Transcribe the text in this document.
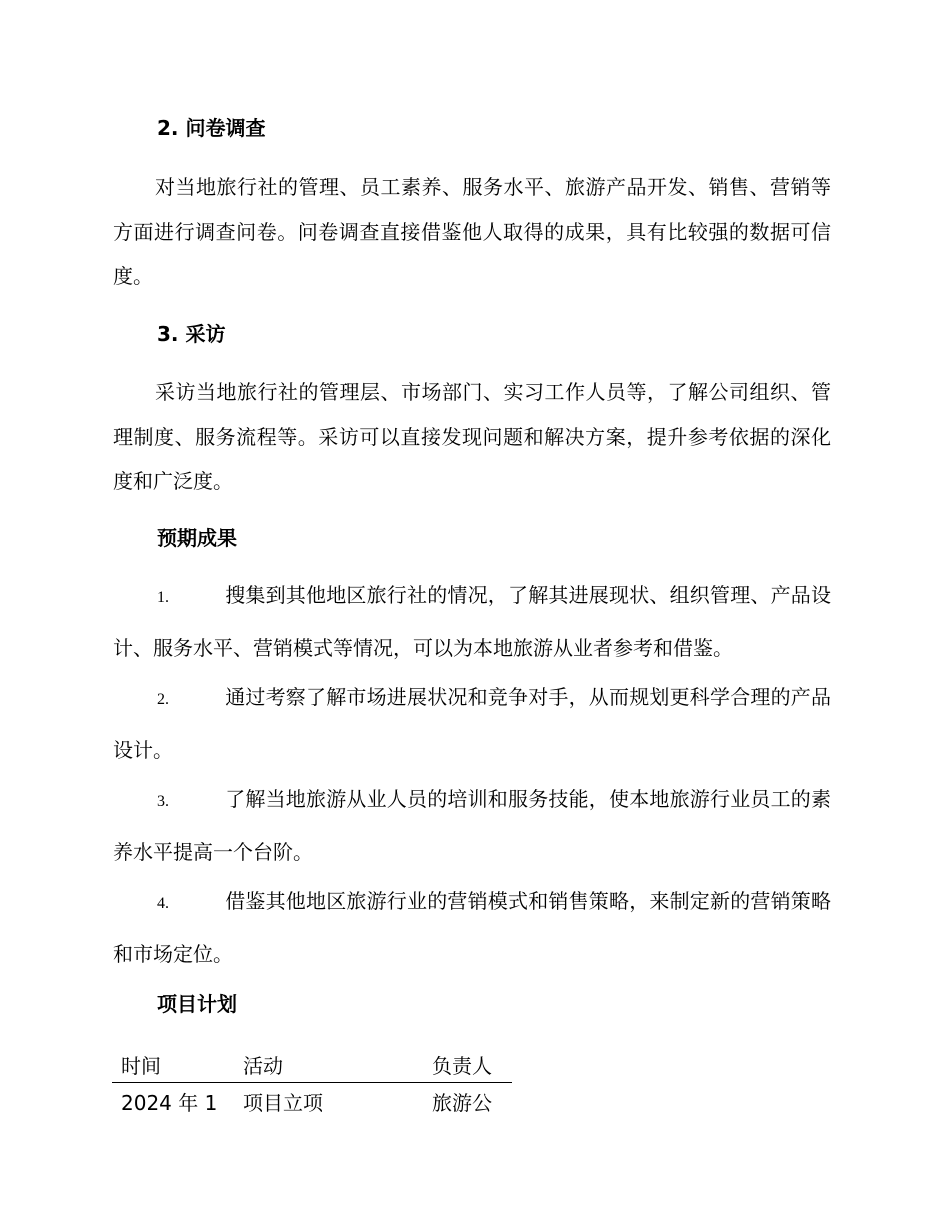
2. 问卷调查

对当地旅行社的管理、员工素养、服务水平、旅游产品开发、销售、营销等方面进行调查问卷。问卷调查直接借鉴他人取得的成果，具有比较强的数据可信度。

3. 采访

采访当地旅行社的管理层、市场部门、实习工作人员等，了解公司组织、管理制度、服务流程等。采访可以直接发现问题和解决方案，提升参考依据的深化度和广泛度。

预期成果

1.	搜集到其他地区旅行社的情况，了解其进展现状、组织管理、产品设计、服务水平、营销模式等情况，可以为本地旅游从业者参考和借鉴。

2.	通过考察了解市场进展状况和竞争对手，从而规划更科学合理的产品设计。

3.	了解当地旅游从业人员的培训和服务技能，使本地旅游行业员工的素养水平提高一个台阶。

4.	借鉴其他地区旅游行业的营销模式和销售策略，来制定新的营销策略和市场定位。

项目计划
时间	活动	负责人
2024 年 1	项目立项	旅游公
